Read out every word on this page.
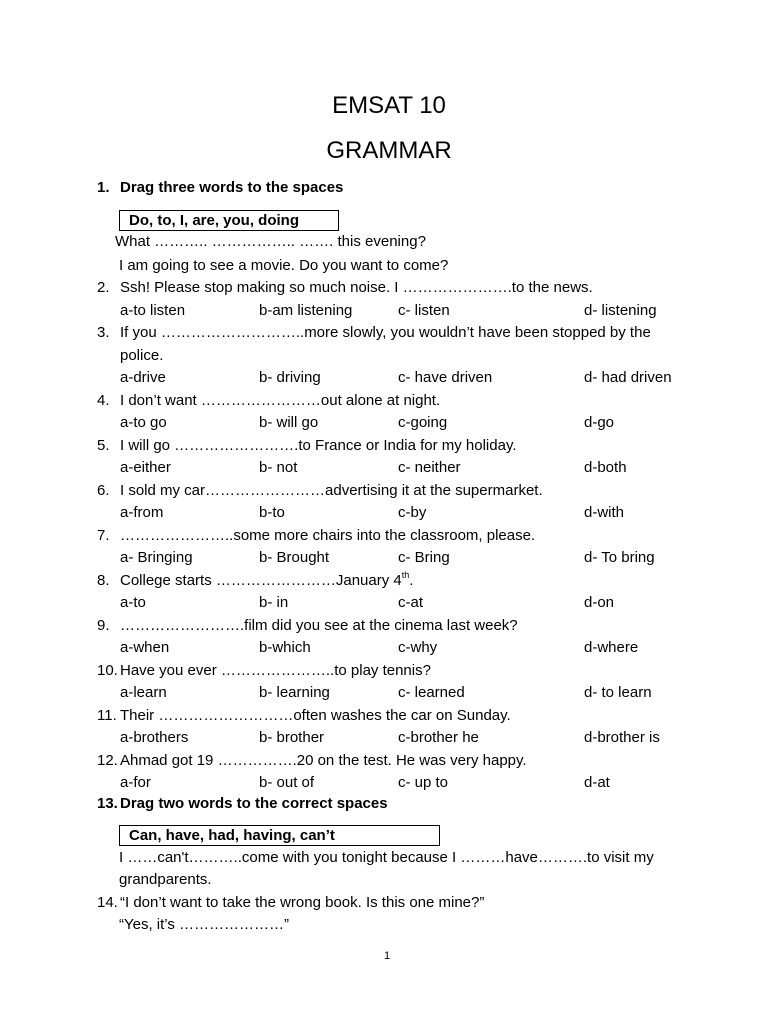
EMSAT 10
GRAMMAR
1. Drag three words to the spaces
Do, to, I, are, you, doing
What ……….. …………….. ……. this evening?
I am going to see a movie. Do you want to come?
2. Ssh! Please stop making so much noise. I ………………….to the news.
a-to listen	b-am listening	c- listen	d- listening
3. If you ………………………..more slowly, you wouldn’t have been stopped by the
police.
a-drive	b- driving	c- have driven	d- had driven
4. I don’t want ……………………out alone at night.
a-to go	b- will go	c-going	d-go
5. I will go …………………….to France or India for my holiday.
a-either	b- not	c- neither	d-both
6. I sold my car……………………advertising it at the supermarket.
a-from	b-to	c-by	d-with
7. …………………..some more chairs into the classroom, please.
a- Bringing	b- Brought	c- Bring	d- To bring
8. College starts ……………………January 4th.
a-to	b- in	c-at	d-on
9. …………………….film did you see at the cinema last week?
a-when	b-which	c-why	d-where
10. Have you ever …………………..to play tennis?
a-learn	b- learning	c- learned	d- to learn
11. Their ………………………often washes the car on Sunday.
a-brothers	b- brother	c-brother he	d-brother is
12. Ahmad got 19 …………….20 on the test. He was very happy.
a-for	b- out of	c- up to	d-at
13. Drag two words to the correct spaces
Can, have, had, having, can’t
I ……can't………..come with you tonight because I ………have……….to visit my
grandparents.
14. “I don’t want to take the wrong book. Is this one mine?”
“Yes, it’s …………………”
1
